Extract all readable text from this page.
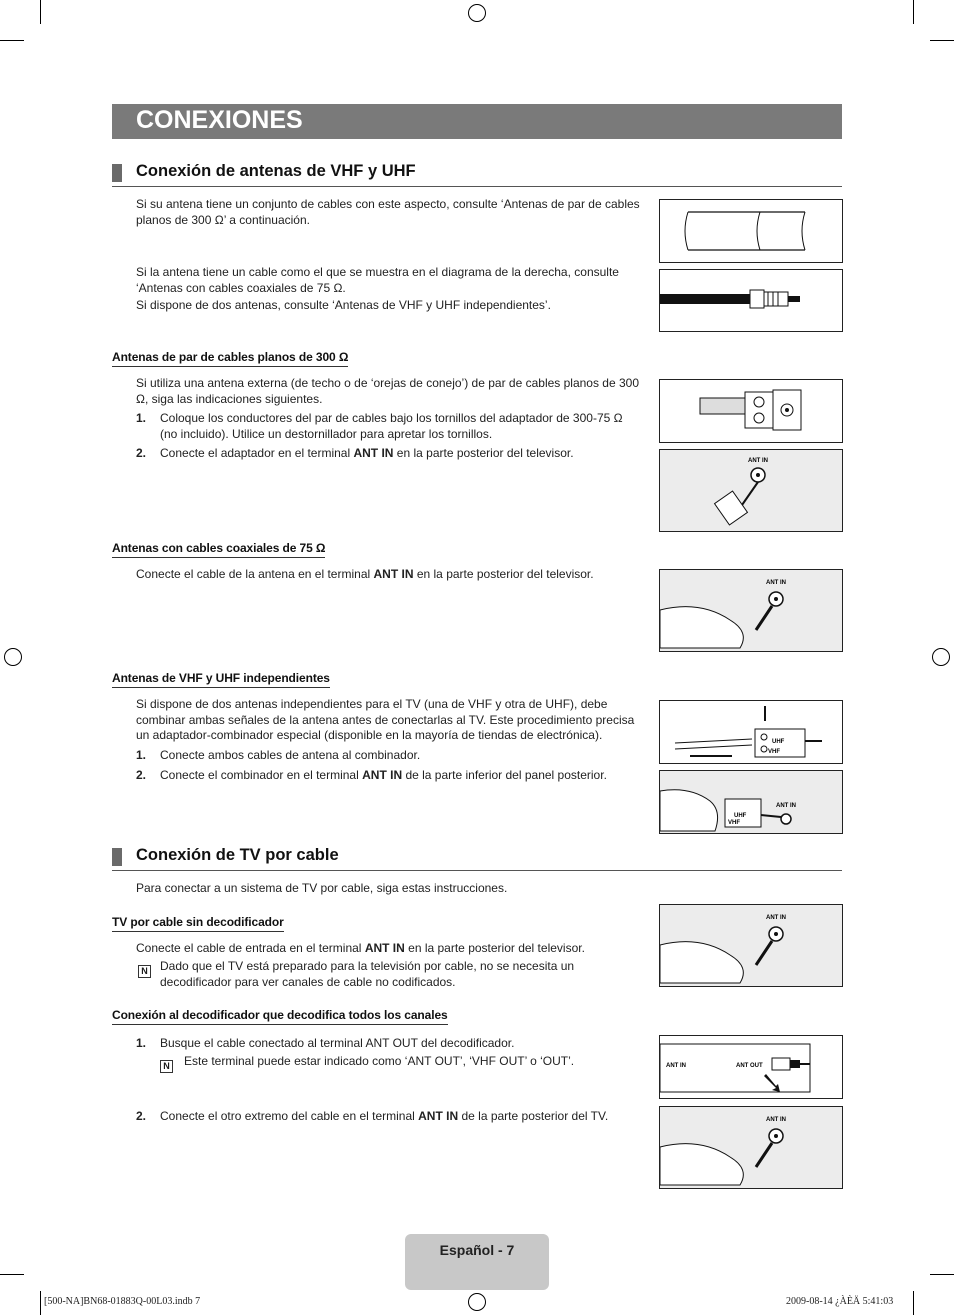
CONEXIONES
Conexión de antenas de VHF y UHF
Si su antena tiene un conjunto de cables con este aspecto, consulte ‘Antenas de par de cables planos de 300 Ω’ a continuación.
Si la antena tiene un cable como el que se muestra en el diagrama de la derecha, consulte ‘Antenas con cables coaxiales de 75 Ω.
Si dispone de dos antenas, consulte ‘Antenas de VHF y UHF independientes’.
Antenas de par de cables planos de 300 Ω
Si utiliza una antena externa (de techo o de ‘orejas de conejo’) de par de cables planos de 300 Ω, siga las indicaciones siguientes.
1.	Coloque los conductores del par de cables bajo los tornillos del adaptador de 300-75 Ω (no incluido). Utilice un destornillador para apretar los tornillos.
2.	Conecte el adaptador en el terminal ANT IN en la parte posterior del televisor.
ANT IN
Antenas con cables coaxiales de 75 Ω
Conecte el cable de la antena en el terminal ANT IN en la parte posterior del televisor.
ANT IN
Antenas de VHF y UHF independientes
Si dispone de dos antenas independientes para el TV (una de VHF y otra de UHF), debe combinar ambas señales de la antena antes de conectarlas al TV. Este procedimiento precisa un adaptador-combinador especial (disponible en la mayoría de tiendas de electrónica).
1.	Conecte ambos cables de antena al combinador.
2.	Conecte el combinador en el terminal ANT IN de la parte inferior del panel posterior.
UHF
VHF
UHF
VHF
ANT IN
Conexión de TV por cable
Para conectar a un sistema de TV por cable, siga estas instrucciones.
TV por cable sin decodificador
Conecte el cable de entrada en el terminal ANT IN en la parte posterior del televisor.
N Dado que el TV está preparado para la televisión por cable, no se necesita un decodificador para ver canales de cable no codificados.
ANT IN
Conexión al decodificador que decodifica todos los canales
1.	Busque el cable conectado al terminal ANT OUT del decodificador.
N Este terminal puede estar indicado como ‘ANT OUT’, ‘VHF OUT’ o ‘OUT’.
2.	Conecte el otro extremo del cable en el terminal ANT IN de la parte posterior del TV.
ANT IN	ANT OUT
ANT IN
Español - 7
[500-NA]BN68-01883Q-00L03.indb 7	2009-08-14 ¿ÀÈÄ 5:41:03
